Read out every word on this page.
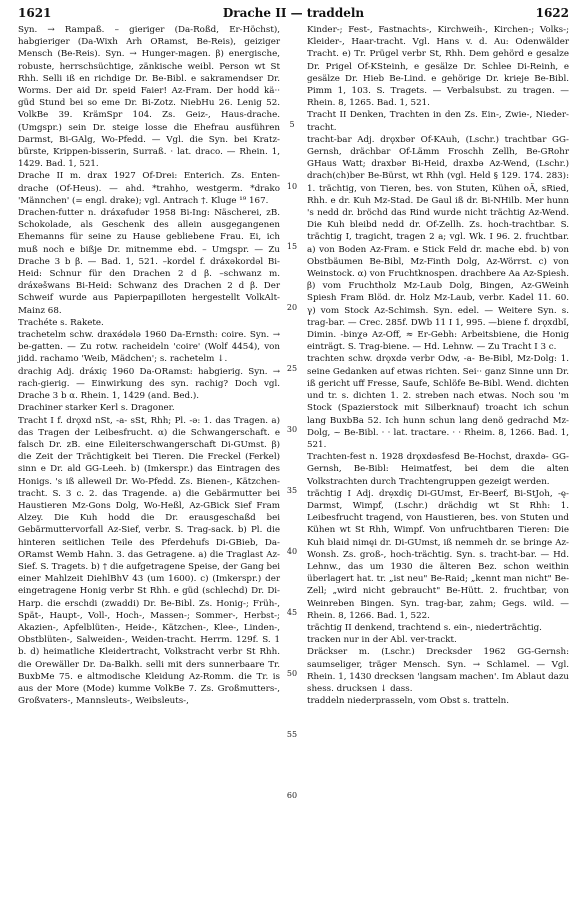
1621	Drache II — traddeln	1622

Syn. → Rampaß. – gieriger (Da-Roßd, Er-Höchst), habgieriger (Da-Wixh Arh ORamst, Be-Reis), geiziger Mensch (Be-Reis). Syn. → Hunger-magen. β) energische, robuste, herrschsüchtige, zänkische weibl. Person wt St Rhh. Selli iß en richdige Dr. Be-Bibl. e sakramendser Dr. Worms. Der aid Dr. speid Faier! Az-Fram. Der hodd kä·· güd Stund bei so eme Dr. Bi-Zotz. NiebHu 26. Lenig 52. VolkBe 39. KrämSpr 104. Zs. Geiz-, Haus-drache. (Umgspr.) sein Dr. steige losse die Ehefrau ausführen Darmst, Bi-GAlg, Wo-Pfedd. — Vgl. die Syn. bei Kratz-bürste, Krippen-bisserin, Surraß. · lat. draco. — Rhein. 1, 1429. Bad. 1, 521.

Drache II m. drax 1927 Of-Drei: Enterich. Zs. Enten-drache (Of-Heus). — ahd. *trahho, westgerm. *drako 'Männchen' (= engl. drake); vgl. Antrach †. Kluge ¹⁹ 167.

Drachen-futter n. dráxǝfudǝr 1958 Bi-Ing: Näscherei, zB. Schokolade, als Geschenk des allein ausgegangenen Ehemanns für seine zu Hause gebliebene Frau. Ei, ich muß noch e bißje Dr. mitnemme ebd. – Umgspr. — Zu Drache 3 b β. — Bad. 1, 521. –kordel f. dráxǝkordǝl Bi-Heid: Schnur für den Drachen 2 d β. –schwanz m. dráxǝšwans Bi-Heid: Schwanz des Drachen 2 d β. Der Schweif wurde aus Papierpapilloten hergestellt VolkAlt-Mainz 68.

Trachéte s. Rakete.

trachetelm schw. draxǝ́dǝlǝ 1960 Da-Ernsth: coire. Syn. → be-gatten. — Zu rotw. racheideln 'coire' (Wolf 4454), von jidd. rachamo 'Weib, Mädchen'; s. rachetelm ↓.

drachig Adj. dráxiç 1960 Da-ORamst: habgierig. Syn. → rach-gierig. — Einwirkung des syn. rachig? Doch vgl. Drache 3 b α. Rhein. 1, 1429 (and. Bed.).

Drachiner starker Kerl s. Dragoner.

Tracht I f. drǫxd nSt, -a- sSt, Rhh; Pl. -ǝ: 1. das Tragen. a) das Tragen der Leibesfrucht. α) die Schwangerschaft. e falsch Dr. zB. eine Eileiterschwangerschaft Di-GUmst. β) die Zeit der Trächtigkeit bei Tieren. Die Freckel (Ferkel) sinn e Dr. ald GG-Leeh. b) (Imkerspr.) das Eintragen des Honigs. 's iß alleweil Dr. Wo-Pfedd. Zs. Bienen-, Kätzchen-tracht. S. 3 c. 2. das Tragende. a) die Gebärmutter bei Haustieren Mz-Gons Dolg, Wo-Heßl, Az-GBick Sief Fram Alzey. Die Kuh hodd die Dr. erausgeschaßd bei Gebärmuttervorfall Az-Sief, verbr. S. Trag-sack. b) Pl. die hinteren seitlichen Teile des Pferdehufs Di-GBieb, Da-ORamst Wemb Hahn. 3. das Getragene. a) die Traglast Az-Sief. S. Tragets. b) † die aufgetragene Speise, der Gang bei einer Mahlzeit DiehlBhV 43 (um 1600). c) (Imkerspr.) der eingetragene Honig verbr St Rhh. e güd (schlechd) Dr. Di-Harp. die erschdi (zwaddi) Dr. Be-Bibl. Zs. Honig-; Früh-, Spät-, Haupt-, Voll-, Hoch-, Massen-; Sommer-, Herbst-; Akazien-, Apfelblüten-, Heide-, Kätzchen-, Klee-, Linden-, Obstblüten-, Salweiden-, Weiden-tracht. Herrm. 129f. S. 1 b. d) heimatliche Kleidertracht, Volkstracht verbr St Rhh. die Orewäller Dr. Da-Balkh. selli mit ders sunnerbaare Tr. BuxbMe 75. e altmodische Kleidung Az-Romm. die Tr. is aus der More (Mode) kumme VolkBe 7. Zs. Großmutters-, Großvaters-, Mannsleuts-, Weibsleuts-,

5
10
15
20
25
30
35
40
45
50
55
60

Kinder-; Fest-, Fastnachts-, Kirchweih-, Kirchen-; Volks-; Kleider-, Haar-tracht. Vgl. Hans v. d. Au: Odenwälder Tracht. e) Tr. Prügel verbr St, Rhh. Dem gehörd e gesalze Dr. Prigel Of-KSteinh, e gesälze Dr. Schlee Di-Reinh, e gesälze Dr. Hieb Be-Lind. e gehörige Dr. krieje Be-Bibl. Pimm 1, 103. S. Tragets. — Verbalsubst. zu tragen. — Rhein. 8, 1265. Bad. 1, 521.

Tracht II Denken, Trachten in den Zs. Ein-, Zwie-, Nieder-tracht.

tracht-bar Adj. drǫxbǝr Of-KAuh, (Lschr.) trachtbar GG-Gernsh, drächbar Of-Lämm Froschh Zellh, Be-GRohr GHaus Watt; draxbǝr Bi-Heid, draxbǝ Az-Wend, (Lschr.) drach(ch)ber Be-Bürst, wt Rhh (vgl. Held § 129. 174. 283): 1. trächtig, von Tieren, bes. von Stuten, Kühen oÄ, sRied, Rhh. e dr. Kuh Mz-Stad. De Gaul iß dr. Bi-NHilb. Mer hunn 's nedd dr. bröchd das Rind wurde nicht trächtig Az-Wend. Die Kuh bleibd nedd dr. Of-Zellh. Zs. hoch-trachtbar. S. trächtig I, tragicht, tragen 2 a; vgl. Wk. I 96. 2. fruchtbar. a) von Boden Az-Fram. e Stick Feld dr. mache ebd. b) von Obstbäumen Be-Bibl, Mz-Finth Dolg, Az-Wörrst. c) von Weinstock. α) von Fruchtknospen. drachbere Aa Az-Spiesh. β) vom Fruchtholz Mz-Laub Dolg, Bingen, Az-GWeinh Spiesh Fram Blöd. dr. Holz Mz-Laub, verbr. Kadel 11. 60. γ) vom Stock Az-Schimsh. Syn. edel. — Weitere Syn. s. trag-bar. — Crec. 285f. DWb 11 I 1, 995. —biene f. drǫxdbǐ, Dimin. -binχǝ Az-Off, ≈ Er-Gebh: Arbeitsbiene, die Honig einträgt. S. Trag-biene. — Hd. Lehnw. — Zu Tracht I 3 c.

trachten schw. drǫxdǝ verbr Odw, -a- Be-Bibl, Mz-Dolg: 1. seine Gedanken auf etwas richten. Sei·· ganz Sinne unn Dr. iß gericht uff Fresse, Saufe, Schlöfe Be-Bibl. Wend. dichten und tr. s. dichten 1. 2. streben nach etwas. Noch sou 'm Stock (Spazierstock mit Silberknauf) troacht ich schun lang BuxbBa 52. Ich hunn schun lang denö gedrachd Mz-Dolg, ~ Be-Bibl. · · lat. tractare. · · Rheim. 8, 1266. Bad. 1, 521.

Trachten-fest n. 1928 drǫxdǝsfesd Be-Hochst, draxdǝ- GG-Gernsh, Be-Bibl: Heimatfest, bei dem die alten Volkstrachten durch Trachtengruppen gezeigt werden.

trächtig I Adj. drẹxdiç Di-GUmst, Er-Beerf, Bi-StJoh, -ę- Darmst, Wimpf, (Lschr.) drächdig wt St Rhh: 1. Leibesfrucht tragend, von Haustieren, bes. von Stuten und Kühen wt St Rhh, Wimpf. Von unfruchtbaren Tieren: Die Kuh blaid nimęi dr. Di-GUmst, iß nemmeh dr. se bringe Az-Wonsh. Zs. groß-, hoch-trächtig. Syn. s. tracht-bar. — Hd. Lehnw., das um 1930 die älteren Bez. schon weithin überlagert hat. tr. „ist neu" Be-Raid; „kennt man nicht" Be-Zell; „wird nicht gebraucht" Be-Hütt. 2. fruchtbar, von Weinreben Bingen. Syn. trag-bar, zahm; Gegs. wild. — Rhein. 8, 1266. Bad. 1, 522.

trächtig II denkend, trachtend s. ein-, niederträchtig.

tracken nur in der Abl. ver-trackt.

Dräckser m. (Lschr.) Drecksder 1962 GG-Gernsh: saumseliger, träger Mensch. Syn. → Schlamel. — Vgl. Rhein. 1, 1430 drecksen 'langsam machen'. Im Ablaut dazu shess. drucksen ↓ dass.

traddeln niederprasseln, vom Obst s. tratteln.
